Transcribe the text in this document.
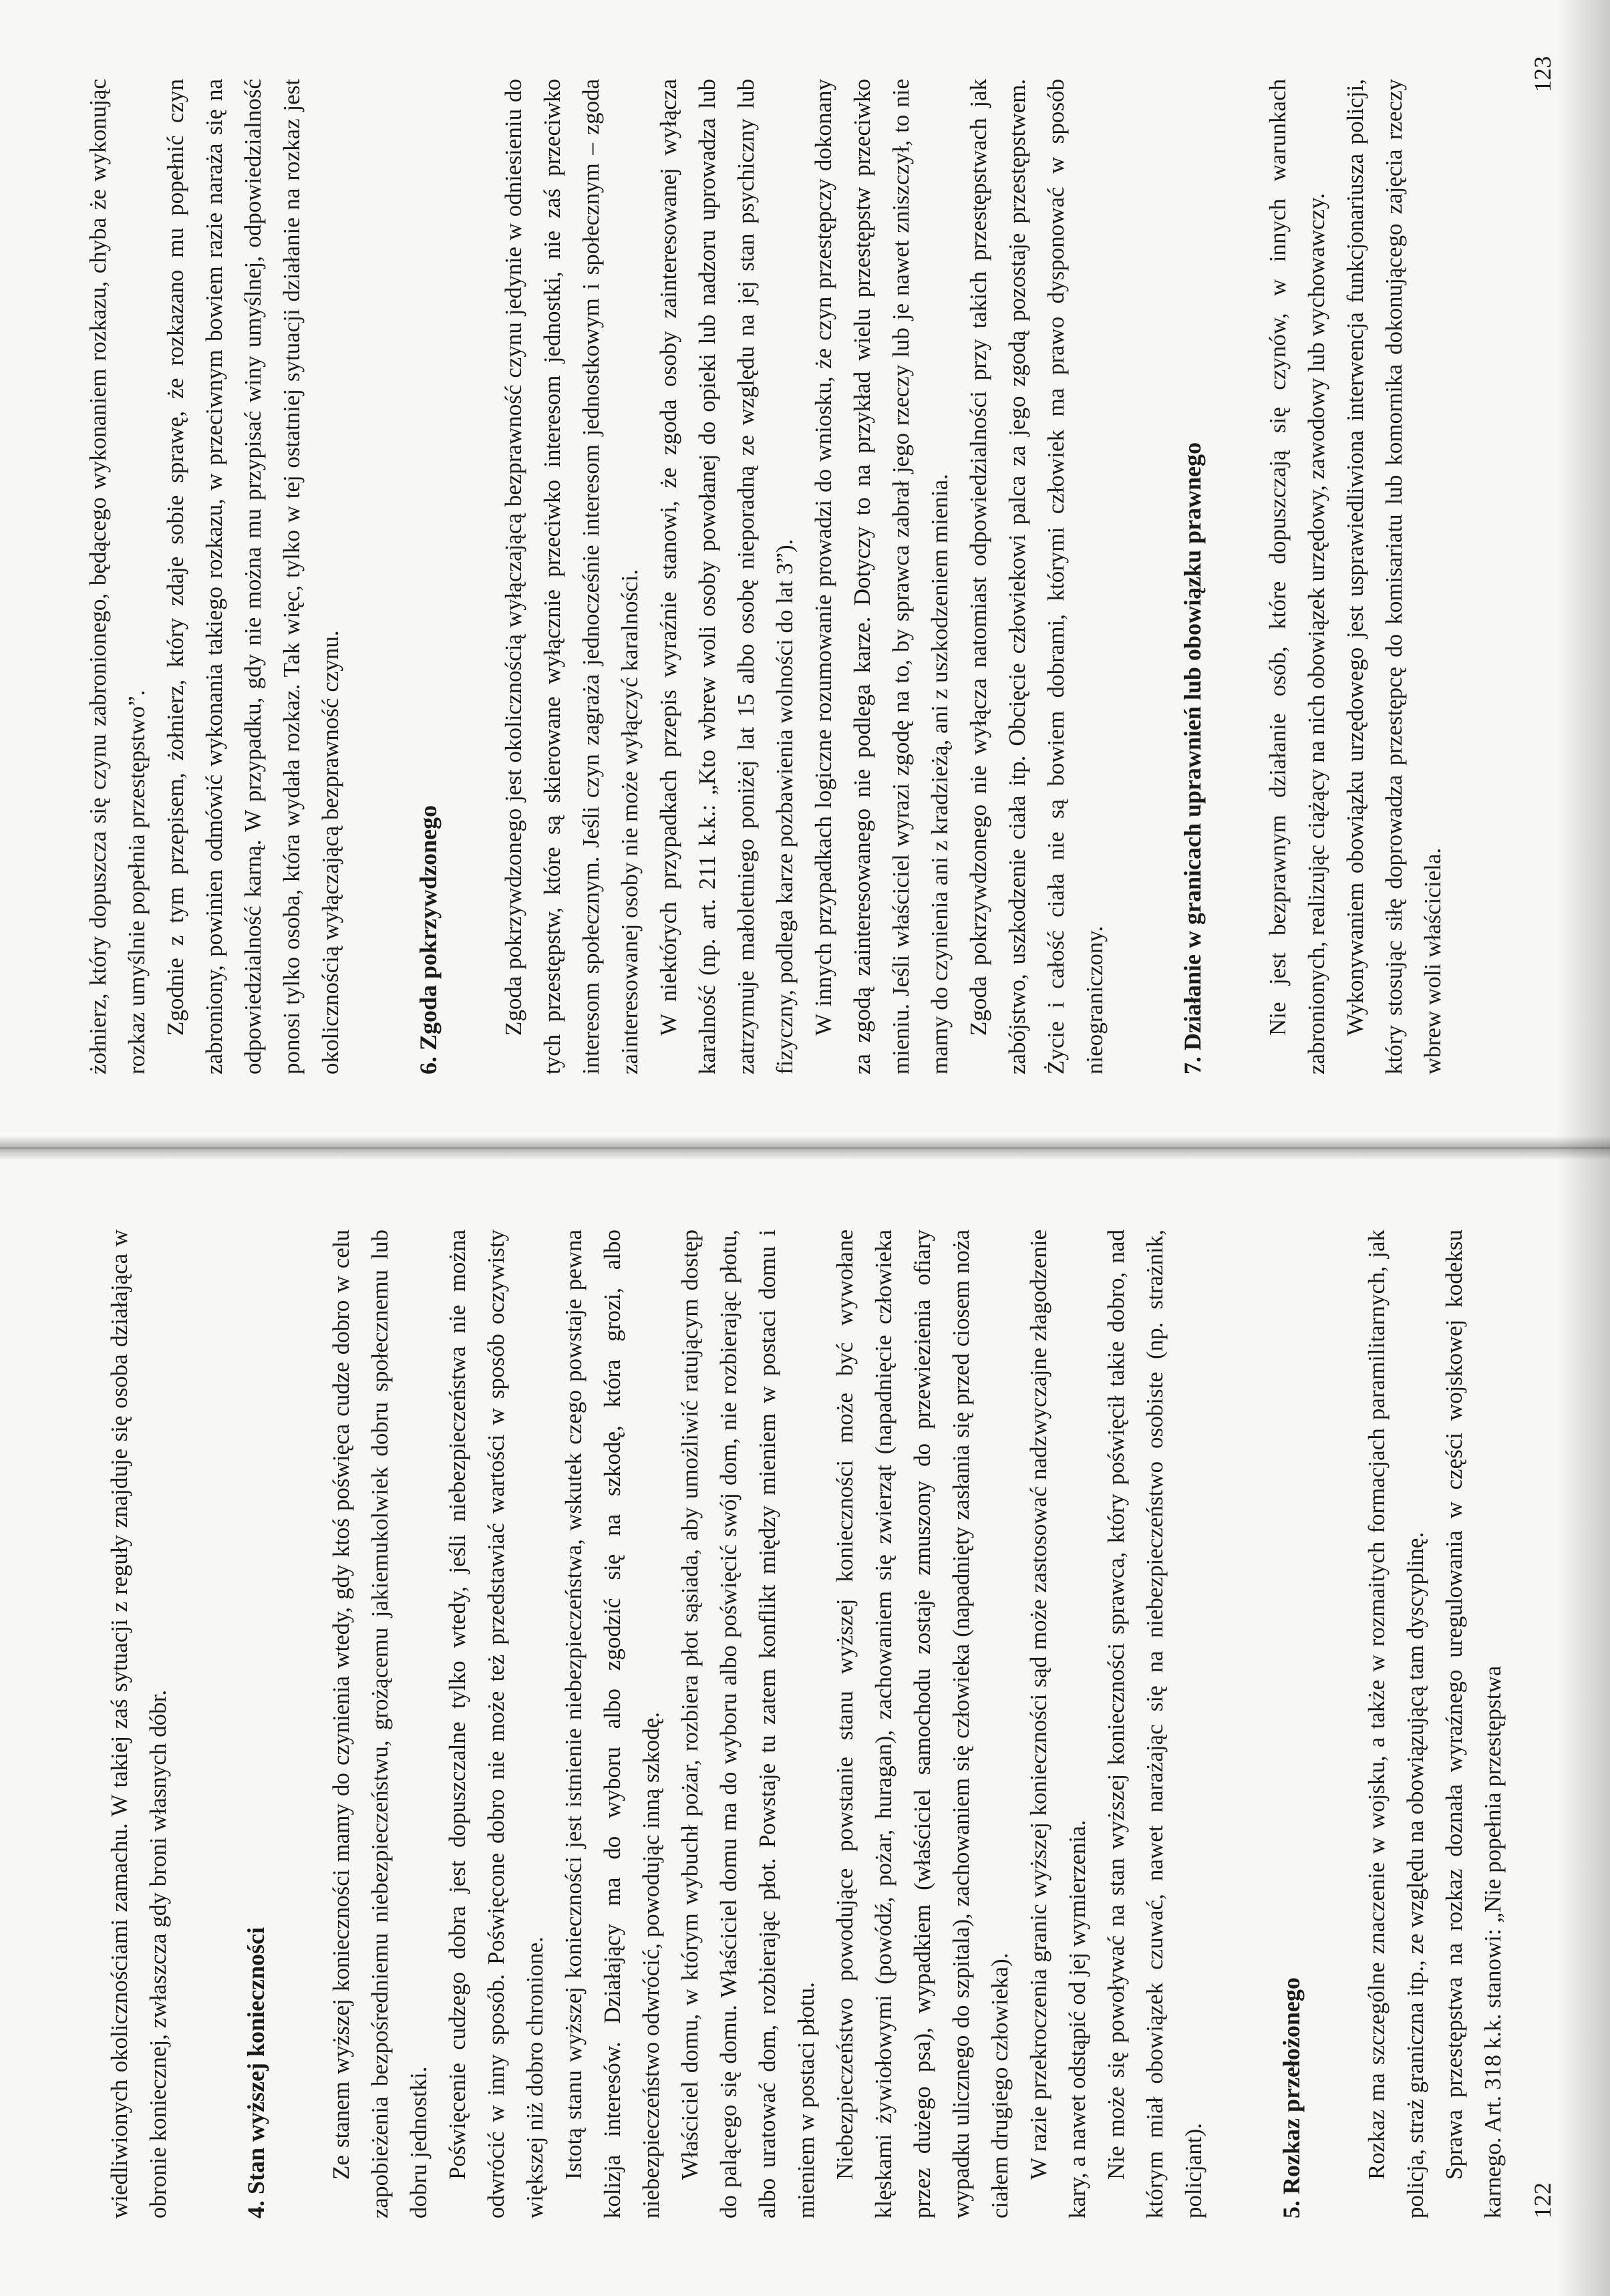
wiedliwionych okolicznościami zamachu. W takiej zaś sytuacji z reguły znajduje się osoba działająca w obronie koniecznej, zwłaszcza gdy broni własnych dóbr.	4. Stan wyższej konieczności	Ze stanem wyższej konieczności mamy do czynienia wtedy, gdy ktoś poświęca cudze dobro w celu zapobieżenia bezpośredniemu niebezpieczeństwu, grożącemu jakiemukolwiek dobru społecznemu lub dobru jednostki. Poświęcenie cudzego dobra jest dopuszczalne tylko wtedy, jeśli niebezpieczeństwa nie można odwrócić w inny sposób. Poświęcone dobro nie może też przedstawiać wartości w sposób oczywisty większej niż dobro chronione. Istotą stanu wyższej konieczności jest istnienie niebezpieczeństwa, wskutek czego powstaje pewna kolizja interesów. Działający ma do wyboru albo zgodzić się na szkodę, która grozi, albo niebezpieczeństwo odwrócić, powodując inną szkodę. Właściciel domu, w którym wybuchł pożar, rozbiera płot sąsiada, aby umożliwić ratującym dostęp do palącego się domu. Właściciel domu ma do wyboru albo poświęcić swój dom, nie rozbierając płotu, albo uratować dom, rozbierając płot. Powstaje tu zatem konflikt między mieniem w postaci domu i mieniem w postaci płotu. Niebezpieczeństwo powodujące powstanie stanu wyższej konieczności może być wywołane klęskami żywiołowymi (powódź, pożar, huragan), zachowaniem się zwierząt (napadnięcie człowieka przez dużego psa), wypadkiem (właściciel samochodu zostaje zmuszony do przewiezienia ofiary wypadku ulicznego do szpitala), zachowaniem się człowieka (napadnięty zasłania się przed ciosem noża ciałem drugiego człowieka). W razie przekroczenia granic wyższej konieczności sąd może zastosować nadzwyczajne złagodzenie kary, a nawet odstąpić od jej wymierzenia. Nie może się powoływać na stan wyższej konieczności sprawca, który poświęcił takie dobro, nad którym miał obowiązek czuwać, nawet narażając się na niebezpieczeństwo osobiste (np. strażnik, policjant).	5. Rozkaz przełożonego	Rozkaz ma szczególne znaczenie w wojsku, a także w rozmaitych formacjach paramilitarnych, jak policja, straż graniczna itp., ze względu na obowiązującą tam dyscyplinę. Sprawa przestępstwa na rozkaz doznała wyraźnego uregulowania w części wojskowej kodeksu karnego. Art. 318 k.k. stanowi: „Nie popełnia przestępstwa 122

żołnierz, który dopuszcza się czynu zabronionego, będącego wykonaniem rozkazu, chyba że wykonując rozkaz umyślnie popełnia przestępstwo”. Zgodnie z tym przepisem, żołnierz, który zdaje sobie sprawę, że rozkazano mu popełnić czyn zabroniony, powinien odmówić wykonania takiego rozkazu, w przeciwnym bowiem razie naraża się na odpowiedzialność karną. W przypadku, gdy nie można mu przypisać winy umyślnej, odpowiedzialność ponosi tylko osoba, która wydała rozkaz. Tak więc, tylko w tej ostatniej sytuacji działanie na rozkaz jest okolicznością wyłączającą bezprawność czynu.	6. Zgoda pokrzywdzonego	Zgoda pokrzywdzonego jest okolicznością wyłączającą bezprawność czynu jedynie w odniesieniu do tych przestępstw, które są skierowane wyłącznie przeciwko interesom jednostki, nie zaś przeciwko interesom społecznym. Jeśli czyn zagraża jednocześnie interesom jednostkowym i społecznym – zgoda zainteresowanej osoby nie może wyłączyć karalności. W niektórych przypadkach przepis wyraźnie stanowi, że zgoda osoby zainteresowanej wyłącza karalność (np. art. 211 k.k.: „Kto wbrew woli osoby powołanej do opieki lub nadzoru uprowadza lub zatrzymuje małoletniego poniżej lat 15 albo osobę nieporadną ze względu na jej stan psychiczny lub fizyczny, podlega karze pozbawienia wolności do lat 3”). W innych przypadkach logiczne rozumowanie prowadzi do wniosku, że czyn przestępczy dokonany za zgodą zainteresowanego nie podlega karze. Dotyczy to na przykład wielu przestępstw przeciwko mieniu. Jeśli właściciel wyrazi zgodę na to, by sprawca zabrał jego rzeczy lub je nawet zniszczył, to nie mamy do czynienia ani z kradzieżą, ani z uszkodzeniem mienia. Zgoda pokrzywdzonego nie wyłącza natomiast odpowiedzialności przy takich przestępstwach jak zabójstwo, uszkodzenie ciała itp. Obcięcie człowiekowi palca za jego zgodą pozostaje przestępstwem. Życie i całość ciała nie są bowiem dobrami, którymi człowiek ma prawo dysponować w sposób nieograniczony.	7. Działanie w granicach uprawnień lub obowiązku prawnego	Nie jest bezprawnym działanie osób, które dopuszczają się czynów, w innych warunkach zabronionych, realizując ciążący na nich obowiązek urzędowy, zawodowy lub wychowawczy. Wykonywaniem obowiązku urzędowego jest usprawiedliwiona interwencja funkcjonariusza policji, który stosując siłę doprowadza przestępcę do komisariatu lub komornika dokonującego zajęcia rzeczy wbrew woli właściciela.

123
